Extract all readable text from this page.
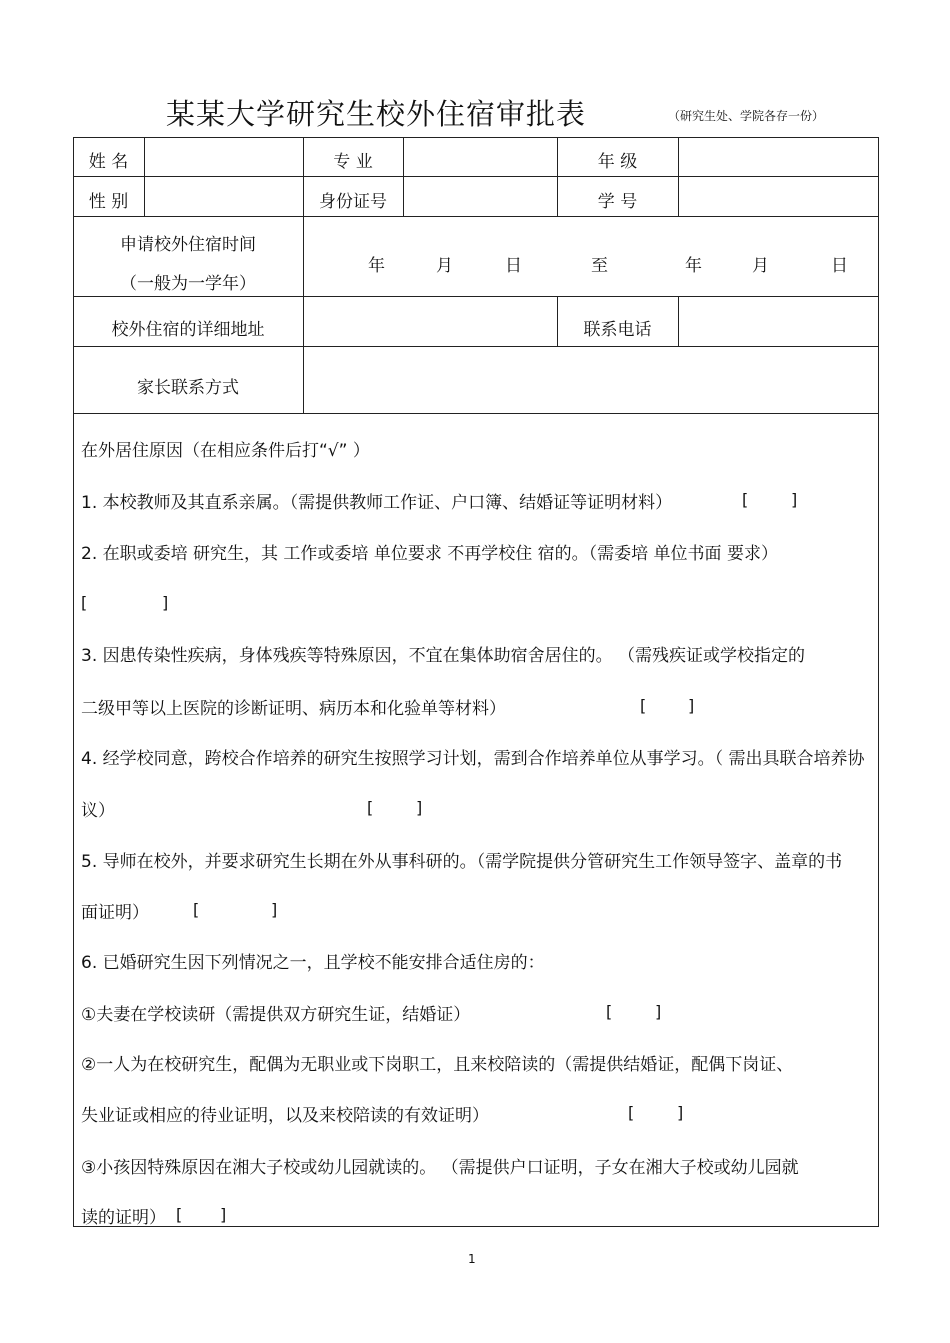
某某大学研究生校外住宿审批表	（研究生处、学院各存一份）
姓 名	专 业	年 级
性 别	身份证号	学 号
申请校外住宿时间
（一般为一学年）
年	月	日	至	年	月	日
校外住宿的详细地址	联系电话
家长联系方式
在外居住原因（在相应条件后打“√” ）
1. 本校教师及其直系亲属。（需提供教师工作证、户口簿、结婚证等证明材料）	[	]
2. 在职或委培 研究生，其 工作或委培 单位要求 不再学校住 宿的。（需委培 单位书面 要求）
[	]
3. 因患传染性疾病，身体残疾等特殊原因，不宜在集体助宿舍居住的。 （需残疾证或学校指定的
二级甲等以上医院的诊断证明、病历本和化验单等材料）	[	]
4. 经学校同意，跨校合作培养的研究生按照学习计划，需到合作培养单位从事学习。（ 需出具联合培养协
议）	[	]
5. 导师在校外，并要求研究生长期在外从事科研的。（需学院提供分管研究生工作领导签字、盖章的书
面证明）	[	]
6. 已婚研究生因下列情况之一，且学校不能安排合适住房的：
①夫妻在学校读研（需提供双方研究生证，结婚证）	[	]
②一人为在校研究生，配偶为无职业或下岗职工，且来校陪读的（需提供结婚证，配偶下岗证、
失业证或相应的待业证明，以及来校陪读的有效证明）	[	]
③小孩因特殊原因在湘大子校或幼儿园就读的。 （需提供户口证明，子女在湘大子校或幼儿园就
读的证明） [ ]
1
